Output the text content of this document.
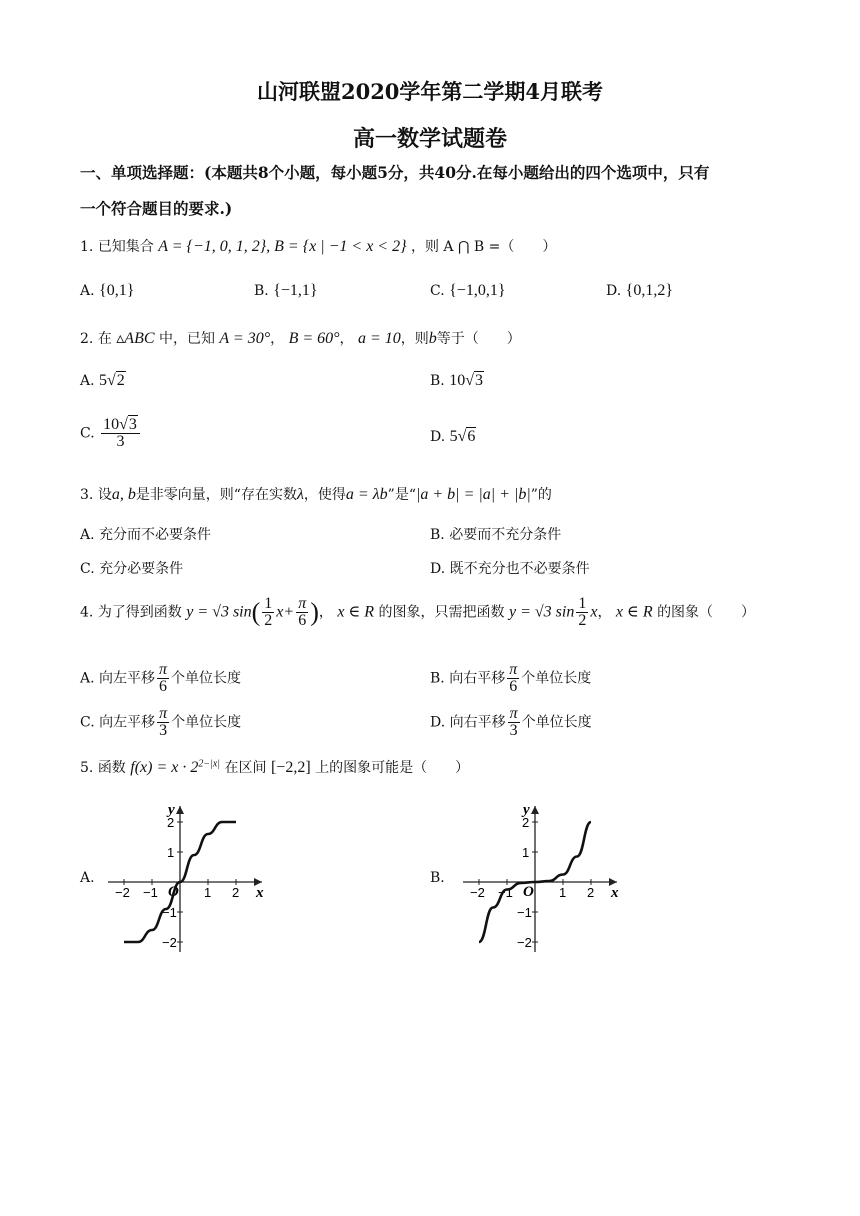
山河联盟2020学年第二学期4月联考
高一数学试题卷
一、单项选择题：(本题共8个小题，每小题5分，共40分.在每小题给出的四个选项中，只有
一个符合题目的要求.)
1. 已知集合 A = {−1, 0, 1, 2}, B = {x | −1 < x < 2} ，则 A ⋂ B =（　　）
A. {0,1}	B. {−1,1}	C. {−1,0,1}	D. {0,1,2}
2. 在 ▵ABC 中，已知 A = 30°， B = 60°， a = 10，则b等于（　　）
A. 5√2	B. 10√3
C. $\frac{10√3}{3}$	D. 5√6
3. 设a, b是非零向量，则“存在实数λ，使得a = λb”是“|a + b| = |a| + |b|”的
A. 充分而不必要条件	B. 必要而不充分条件
C. 充分必要条件	D. 既不充分也不必要条件
4. 为了得到函数 y = √3 $\sin( \frac{1}{2} x+ \frac{\pi}{6}$ )， x ∈ R 的图象，只需把函数 y = √3 $\sin \frac{1}{2}$ x， x ∈ R 的图象（　　）
A. 向左平移 $\frac{\pi}{6}$ 个单位长度	B. 向右平移 $\frac{\pi}{6}$ 个单位长度
C. 向左平移 $\frac{\pi}{3}$ 个单位长度	D. 向右平移 $\frac{\pi}{3}$ 个单位长度
5. 函数 $f(x) = x \cdot 2^{2-|x|}$ 在区间 [−2,2] 上的图象可能是（　　）
A.
x
y
O
−2 −1	1 2
2
1
−1
−2
B.
x
y
O
−2 −1	1 2
2
1
−1
−2
